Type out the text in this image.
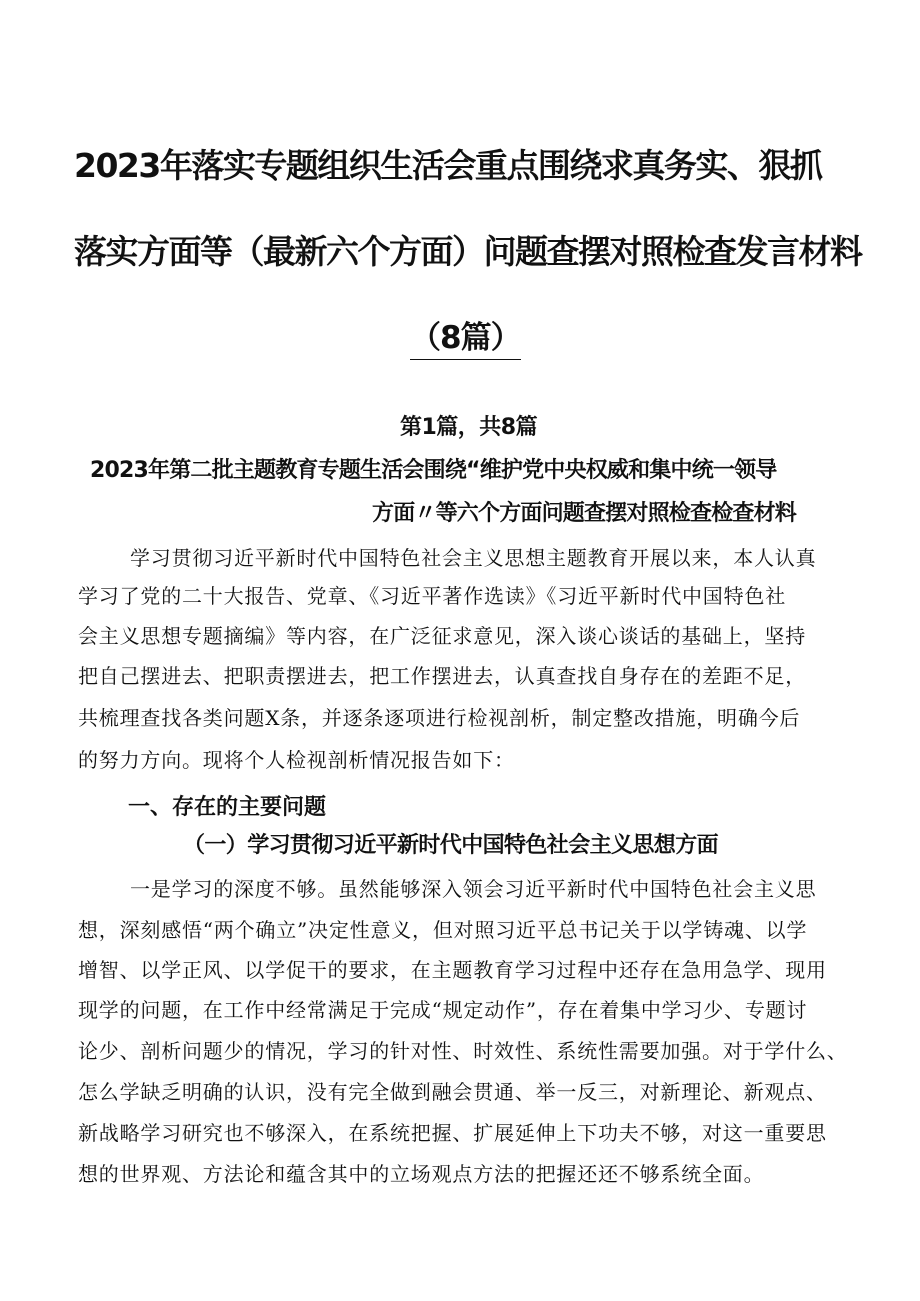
2023年落实专题组织生活会重点围绕求真务实、狠抓

落实方面等（最新六个方面）问题查摆对照检查发言材料

（8篇）

第1篇，共8篇

2023年第二批主题教育专题生活会围绕“维护党中央权威和集中统一领导

方面〃等六个方面问题查摆对照检查检查材料

学习贯彻习近平新时代中国特色社会主义思想主题教育开展以来，本人认真

学习了党的二十大报告、党章、《习近平著作选读》《习近平新时代中国特色社

会主义思想专题摘编》等内容，在广泛征求意见，深入谈心谈话的基础上，坚持

把自己摆进去、把职责摆进去，把工作摆进去，认真查找自身存在的差距不足，

共梳理查找各类问题X条，并逐条逐项进行检视剖析，制定整改措施，明确今后

的努力方向。现将个人检视剖析情况报告如下：

一、存在的主要问题

（一）学习贯彻习近平新时代中国特色社会主义思想方面

一是学习的深度不够。虽然能够深入领会习近平新时代中国特色社会主义思

想，深刻感悟“两个确立”决定性意义，但对照习近平总书记关于以学铸魂、以学

增智、以学正风、以学促干的要求，在主题教育学习过程中还存在急用急学、现用

现学的问题，在工作中经常满足于完成“规定动作”，存在着集中学习少、专题讨

论少、剖析问题少的情况，学习的针对性、时效性、系统性需要加强。对于学什么、

怎么学缺乏明确的认识，没有完全做到融会贯通、举一反三，对新理论、新观点、

新战略学习研究也不够深入，在系统把握、扩展延伸上下功夫不够，对这一重要思

想的世界观、方法论和蕴含其中的立场观点方法的把握还还不够系统全面。
